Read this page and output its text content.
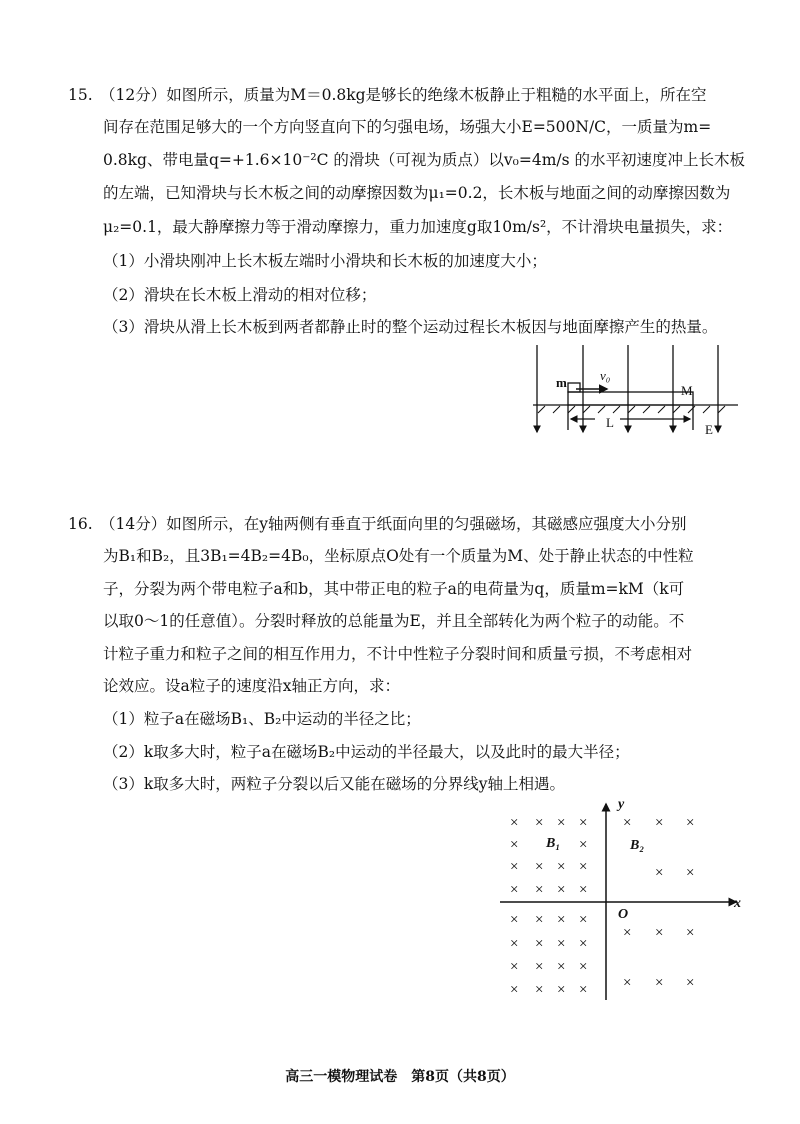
15. （12分）如图所示，质量为M＝0.8kg是够长的绝缘木板静止于粗糙的水平面上，所在空
间存在范围足够大的一个方向竖直向下的匀强电场，场强大小E=500N/C，一质量为m=
0.8kg、带电量q=+1.6×10⁻²C 的滑块（可视为质点）以v₀=4m/s 的水平初速度冲上长木板
的左端，已知滑块与长木板之间的动摩擦因数为μ₁=0.2，长木板与地面之间的动摩擦因数为
μ₂=0.1，最大静摩擦力等于滑动摩擦力，重力加速度g取10m/s²，不计滑块电量损失，求：
（1）小滑块刚冲上长木板左端时小滑块和长木板的加速度大小；
（2）滑块在长木板上滑动的相对位移；
（3）滑块从滑上长木板到两者都静止时的整个运动过程长木板因与地面摩擦产生的热量。
m	v₀
M
L	E
× × × ×
×
× × × ×
× × × ×
× × × ×
× × × ×
× × × ×
× × × ×
×
× × ×
× ×
× × ×
× × ×
B₁	B₂
O
y
x
16. （14分）如图所示，在y轴两侧有垂直于纸面向里的匀强磁场，其磁感应强度大小分别
为B₁和B₂，且3B₁=4B₂=4B₀，坐标原点O处有一个质量为M、处于静止状态的中性粒
子，分裂为两个带电粒子a和b，其中带正电的粒子a的电荷量为q，质量m=kM（k可
以取0～1的任意值）。分裂时释放的总能量为E，并且全部转化为两个粒子的动能。不
计粒子重力和粒子之间的相互作用力，不计中性粒子分裂时间和质量亏损，不考虑相对
论效应。设a粒子的速度沿x轴正方向，求：
（1）粒子a在磁场B₁、B₂中运动的半径之比；
（2）k取多大时，粒子a在磁场B₂中运动的半径最大，以及此时的最大半径；
（3）k取多大时，两粒子分裂以后又能在磁场的分界线y轴上相遇。
高三一模物理试卷　第8页（共8页）
